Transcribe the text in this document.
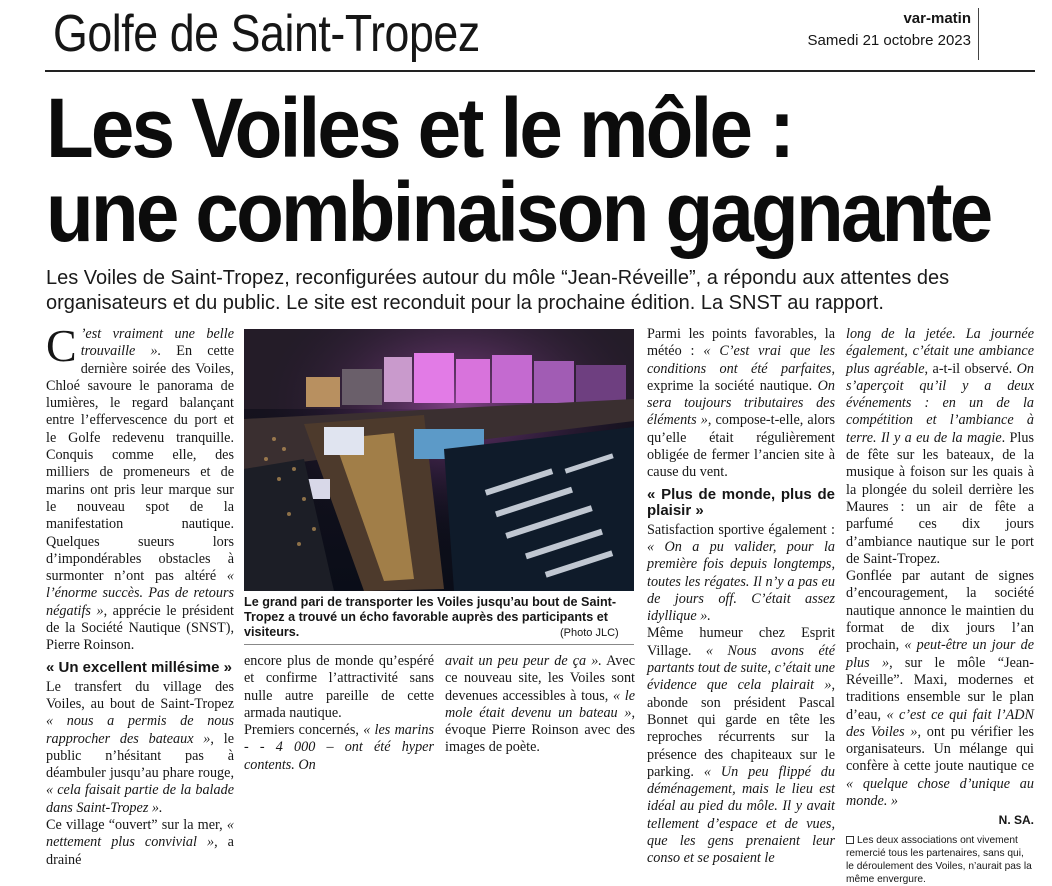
Golfe de Saint-Tropez	var-matin
Samedi 21 octobre 2023
Les Voiles et le môle :
une combinaison gagnante
Les Voiles de Saint-Tropez, reconfigurées autour du môle “Jean-Réveille”, a répondu aux attentes des organisateurs et du public. Le site est reconduit pour la prochaine édition. La SNST au rapport.

C ’est vraiment une belle trouvaille ». En cette dernière soirée des Voiles, Chloé savoure le panorama de lumières, le regard balançant entre l’effervescence du port et le Golfe redevenu tranquille. Conquis comme elle, des milliers de promeneurs et de marins ont pris leur marque sur le nouveau spot de la manifestation nautique. Quelques sueurs lors d’impondérables obstacles à surmonter n’ont pas altéré « l’énorme succès. Pas de retours négatifs », apprécie le président de la Société Nautique (SNST), Pierre Roinson.

« Un excellent millésime »

Le transfert du village des Voiles, au bout de Saint-Tropez « nous a permis de nous rapprocher des bateaux », le public n’hésitant pas à déambuler jusqu’au phare rouge, « cela faisait partie de la balade dans Saint-Tropez ».

Ce village “ouvert” sur la mer, « nettement plus convivial », a drainé

Le grand pari de transporter les Voiles jusqu’au bout de Saint-Tropez a trouvé un écho favorable auprès des participants et visiteurs.	(Photo JLC)

encore plus de monde qu’espéré et confirme l’attractivité sans nulle autre pareille de cette armada nautique.

Premiers concernés, « les marins - - 4 000 – ont été hyper contents. On

avait un peu peur de ça ». Avec ce nouveau site, les Voiles sont devenues accessibles à tous, « le mole était devenu un bateau », évoque Pierre Roinson avec des images de poète.

Parmi les points favorables, la météo : « C’est vrai que les conditions ont été parfaites, exprime la société nautique. On sera toujours tributaires des éléments », compose-t-elle, alors qu’elle était régulièrement obligée de fermer l’ancien site à cause du vent.

« Plus de monde, plus de plaisir »

Satisfaction sportive également : « On a pu valider, pour la première fois depuis longtemps, toutes les régates. Il n’y a pas eu de jours off. C’était assez idyllique ».

Même humeur chez Esprit Village. « Nous avons été partants tout de suite, c’était une évidence que cela plairait », abonde son président Pascal Bonnet qui garde en tête les reproches récurrents sur la présence des chapiteaux sur le parking. « Un peu flippé du déménagement, mais le lieu est idéal au pied du môle. Il y avait tellement d’espace et de vues, que les gens prenaient leur conso et se posaient le

long de la jetée. La journée également, c’était une ambiance plus agréable, a-t-il observé. On s’aperçoit qu’il y a deux événements : en un de la compétition et l’ambiance à terre. Il y a eu de la magie. Plus de fête sur les bateaux, de la musique à foison sur les quais à la plongée du soleil derrière les Maures : un air de fête a parfumé ces dix jours d’ambiance nautique sur le port de Saint-Tropez.

Gonflée par autant de signes d’encouragement, la société nautique annonce le maintien du format de dix jours l’an prochain, « peut-être un jour de plus », sur le môle “Jean-Réveille”. Maxi, modernes et traditions ensemble sur le plan d’eau, « c’est ce qui fait l’ADN des Voiles », ont pu vérifier les organisateurs. Un mélange qui confère à cette joute nautique ce « quelque chose d’unique au monde. »

N. SA.
Les deux associations ont vivement remercié tous les partenaires, sans qui, le déroulement des Voiles, n’aurait pas la même envergure.
